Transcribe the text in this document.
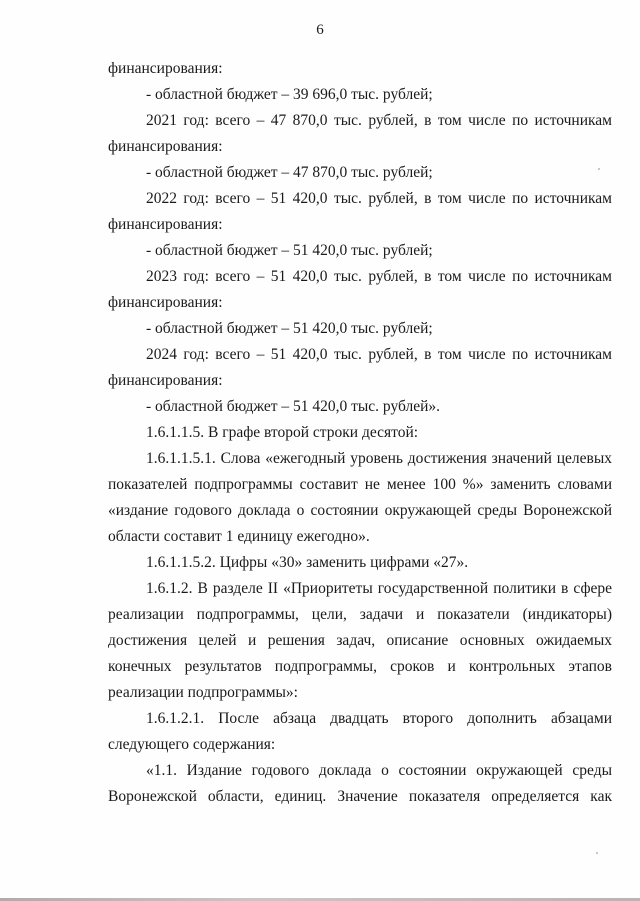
6
финансирования:
- областной бюджет – 39 696,0 тыс. рублей;
2021 год: всего – 47 870,0 тыс. рублей, в том числе по источникам
финансирования:
- областной бюджет – 47 870,0 тыс. рублей;
2022 год: всего – 51 420,0 тыс. рублей, в том числе по источникам
финансирования:
- областной бюджет – 51 420,0 тыс. рублей;
2023 год: всего – 51 420,0 тыс. рублей, в том числе по источникам
финансирования:
- областной бюджет – 51 420,0 тыс. рублей;
2024 год: всего – 51 420,0 тыс. рублей, в том числе по источникам
финансирования:
- областной бюджет – 51 420,0 тыс. рублей».
1.6.1.1.5. В графе второй строки десятой:
1.6.1.1.5.1. Слова «ежегодный уровень достижения значений целевых
показателей подпрограммы составит не менее 100 %» заменить словами
«издание годового доклада о состоянии окружающей среды Воронежской
области составит 1 единицу ежегодно».
1.6.1.1.5.2. Цифры «30» заменить цифрами «27».
1.6.1.2. В разделе II «Приоритеты государственной политики в сфере
реализации подпрограммы, цели, задачи и показатели (индикаторы)
достижения целей и решения задач, описание основных ожидаемых
конечных результатов подпрограммы, сроков и контрольных этапов
реализации подпрограммы»:
1.6.1.2.1. После абзаца двадцать второго дополнить абзацами
следующего содержания:
«1.1. Издание годового доклада о состоянии окружающей среды
Воронежской области, единиц. Значение показателя определяется как
